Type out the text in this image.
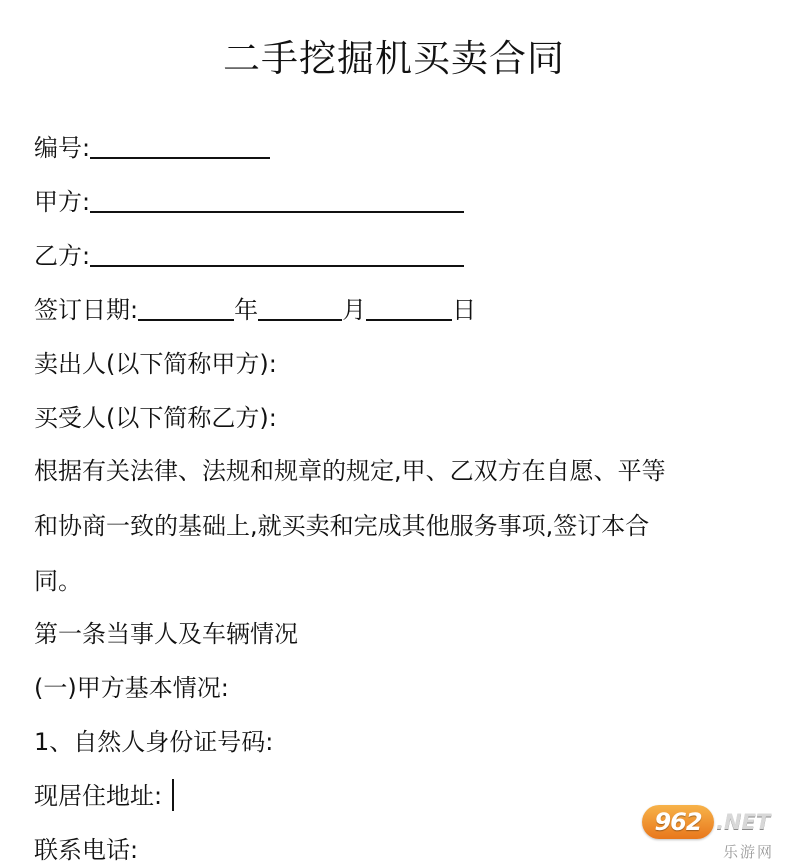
二手挖掘机买卖合同
编号:
甲方:
乙方:
签订日期:	年	月	日
卖出人(以下简称甲方):
买受人(以下简称乙方):
根据有关法律、法规和规章的规定,甲、乙双方在自愿、平等
和协商一致的基础上,就买卖和完成其他服务事项,签订本合
同。
第一条当事人及车辆情况
(一)甲方基本情况:
1、自然人身份证号码:
现居住地址:
联系电话:
962 .NET
乐游网
